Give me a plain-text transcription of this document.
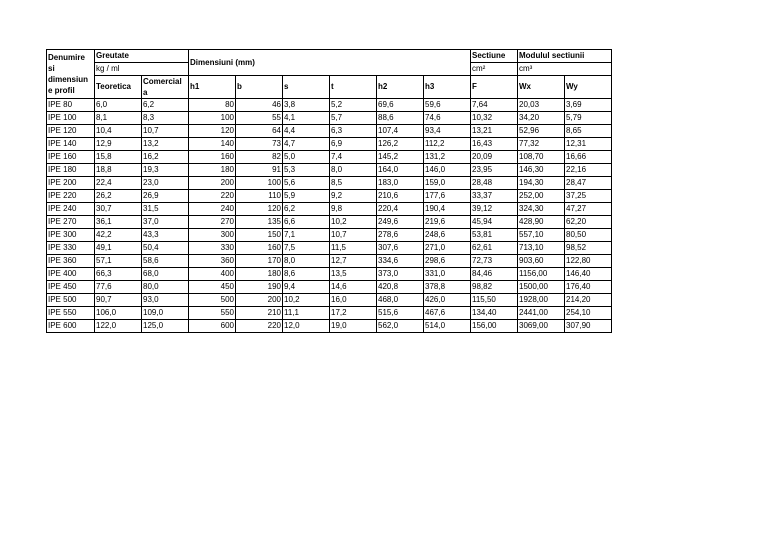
Denumire si dimensiun e profil	Greutate		Dimensiuni (mm)						Sectiune	Modulul sectiunii	
	kg / ml								cm²	cm³	
	Teoretica	Comercial a	h1	b	s	t	h2	h3	F	Wx	Wy
IPE 80	6,0	6,2	80	46	3,8	5,2	69,6	59,6	7,64	20,03	3,69
IPE 100	8,1	8,3	100	55	4,1	5,7	88,6	74,6	10,32	34,20	5,79
IPE 120	10,4	10,7	120	64	4,4	6,3	107,4	93,4	13,21	52,96	8,65
IPE 140	12,9	13,2	140	73	4,7	6,9	126,2	112,2	16,43	77,32	12,31
IPE 160	15,8	16,2	160	82	5,0	7,4	145,2	131,2	20,09	108,70	16,66
IPE 180	18,8	19,3	180	91	5,3	8,0	164,0	146,0	23,95	146,30	22,16
IPE 200	22,4	23,0	200	100	5,6	8,5	183,0	159,0	28,48	194,30	28,47
IPE 220	26,2	26,9	220	110	5,9	9,2	210,6	177,6	33,37	252,00	37,25
IPE 240	30,7	31,5	240	120	6,2	9,8	220,4	190,4	39,12	324,30	47,27
IPE 270	36,1	37,0	270	135	6,6	10,2	249,6	219,6	45,94	428,90	62,20
IPE 300	42,2	43,3	300	150	7,1	10,7	278,6	248,6	53,81	557,10	80,50
IPE 330	49,1	50,4	330	160	7,5	11,5	307,6	271,0	62,61	713,10	98,52
IPE 360	57,1	58,6	360	170	8,0	12,7	334,6	298,6	72,73	903,60	122,80
IPE 400	66,3	68,0	400	180	8,6	13,5	373,0	331,0	84,46	1156,00	146,40
IPE 450	77,6	80,0	450	190	9,4	14,6	420,8	378,8	98,82	1500,00	176,40
IPE 500	90,7	93,0	500	200	10,2	16,0	468,0	426,0	115,50	1928,00	214,20
IPE 550	106,0	109,0	550	210	11,1	17,2	515,6	467,6	134,40	2441,00	254,10
IPE 600	122,0	125,0	600	220	12,0	19,0	562,0	514,0	156,00	3069,00	307,90
